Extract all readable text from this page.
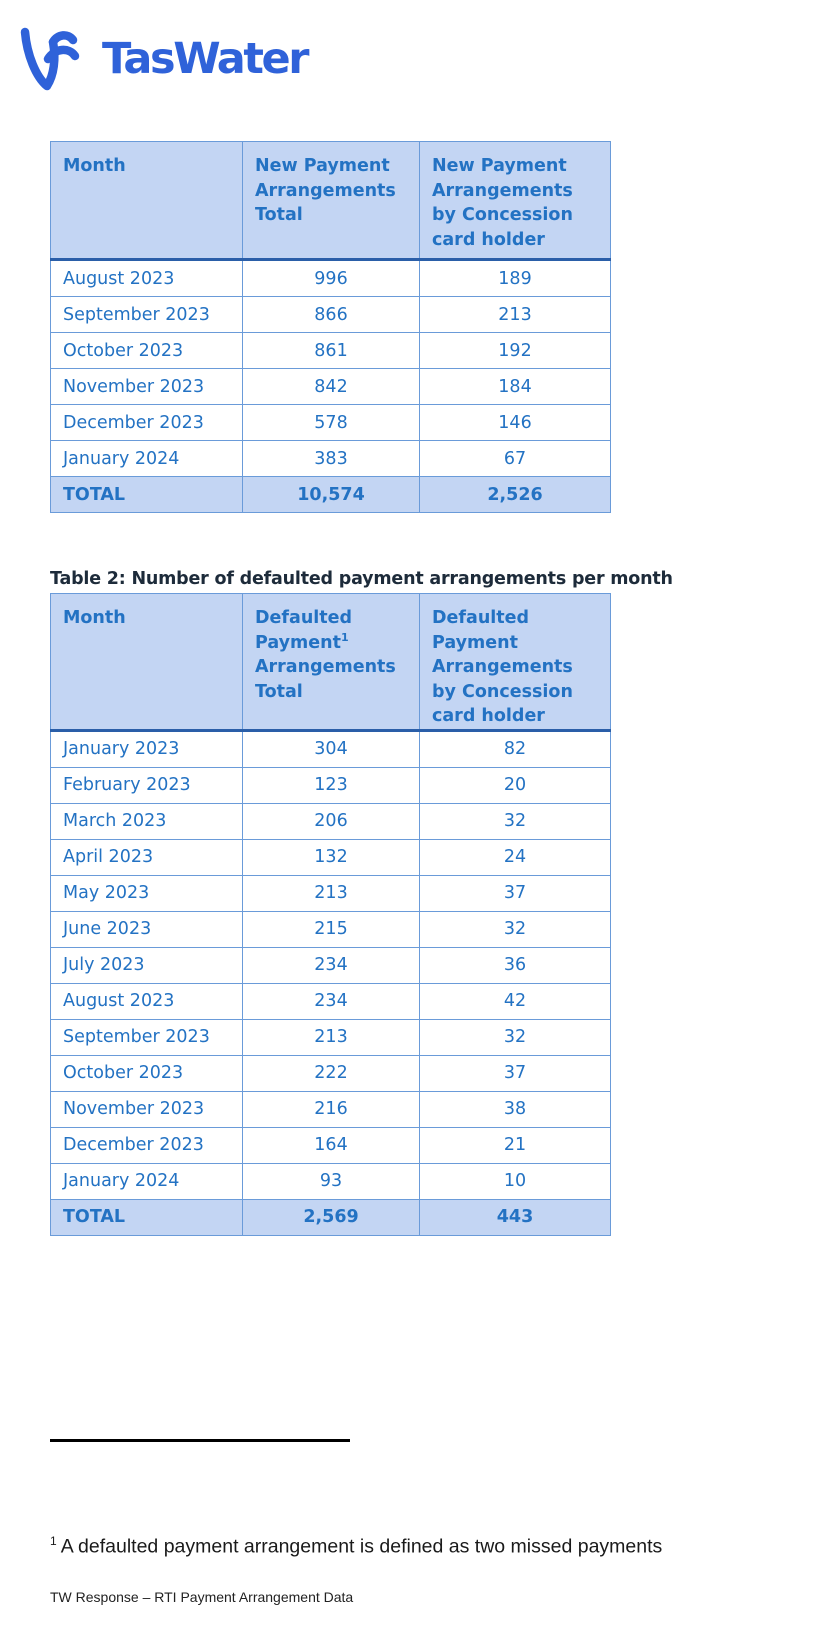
TasWater
Month	New Payment Arrangements Total	New Payment Arrangements by Concession card holder
August 2023	996	189
September 2023	866	213
October 2023	861	192
November 2023	842	184
December 2023	578	146
January 2024	383	67
TOTAL	10,574	2,526
Table 2: Number of defaulted payment arrangements per month
Month	Defaulted Payment$^1$ Arrangements Total	Defaulted Payment Arrangements by Concession card holder
January 2023	304	82
February 2023	123	20
March 2023	206	32
April 2023	132	24
May 2023	213	37
June 2023	215	32
July 2023	234	36
August 2023	234	42
September 2023	213	32
October 2023	222	37
November 2023	216	38
December 2023	164	21
January 2024	93	10
TOTAL	2,569	443
$^1$ A defaulted payment arrangement is defined as two missed payments
TW Response – RTI Payment Arrangement Data
